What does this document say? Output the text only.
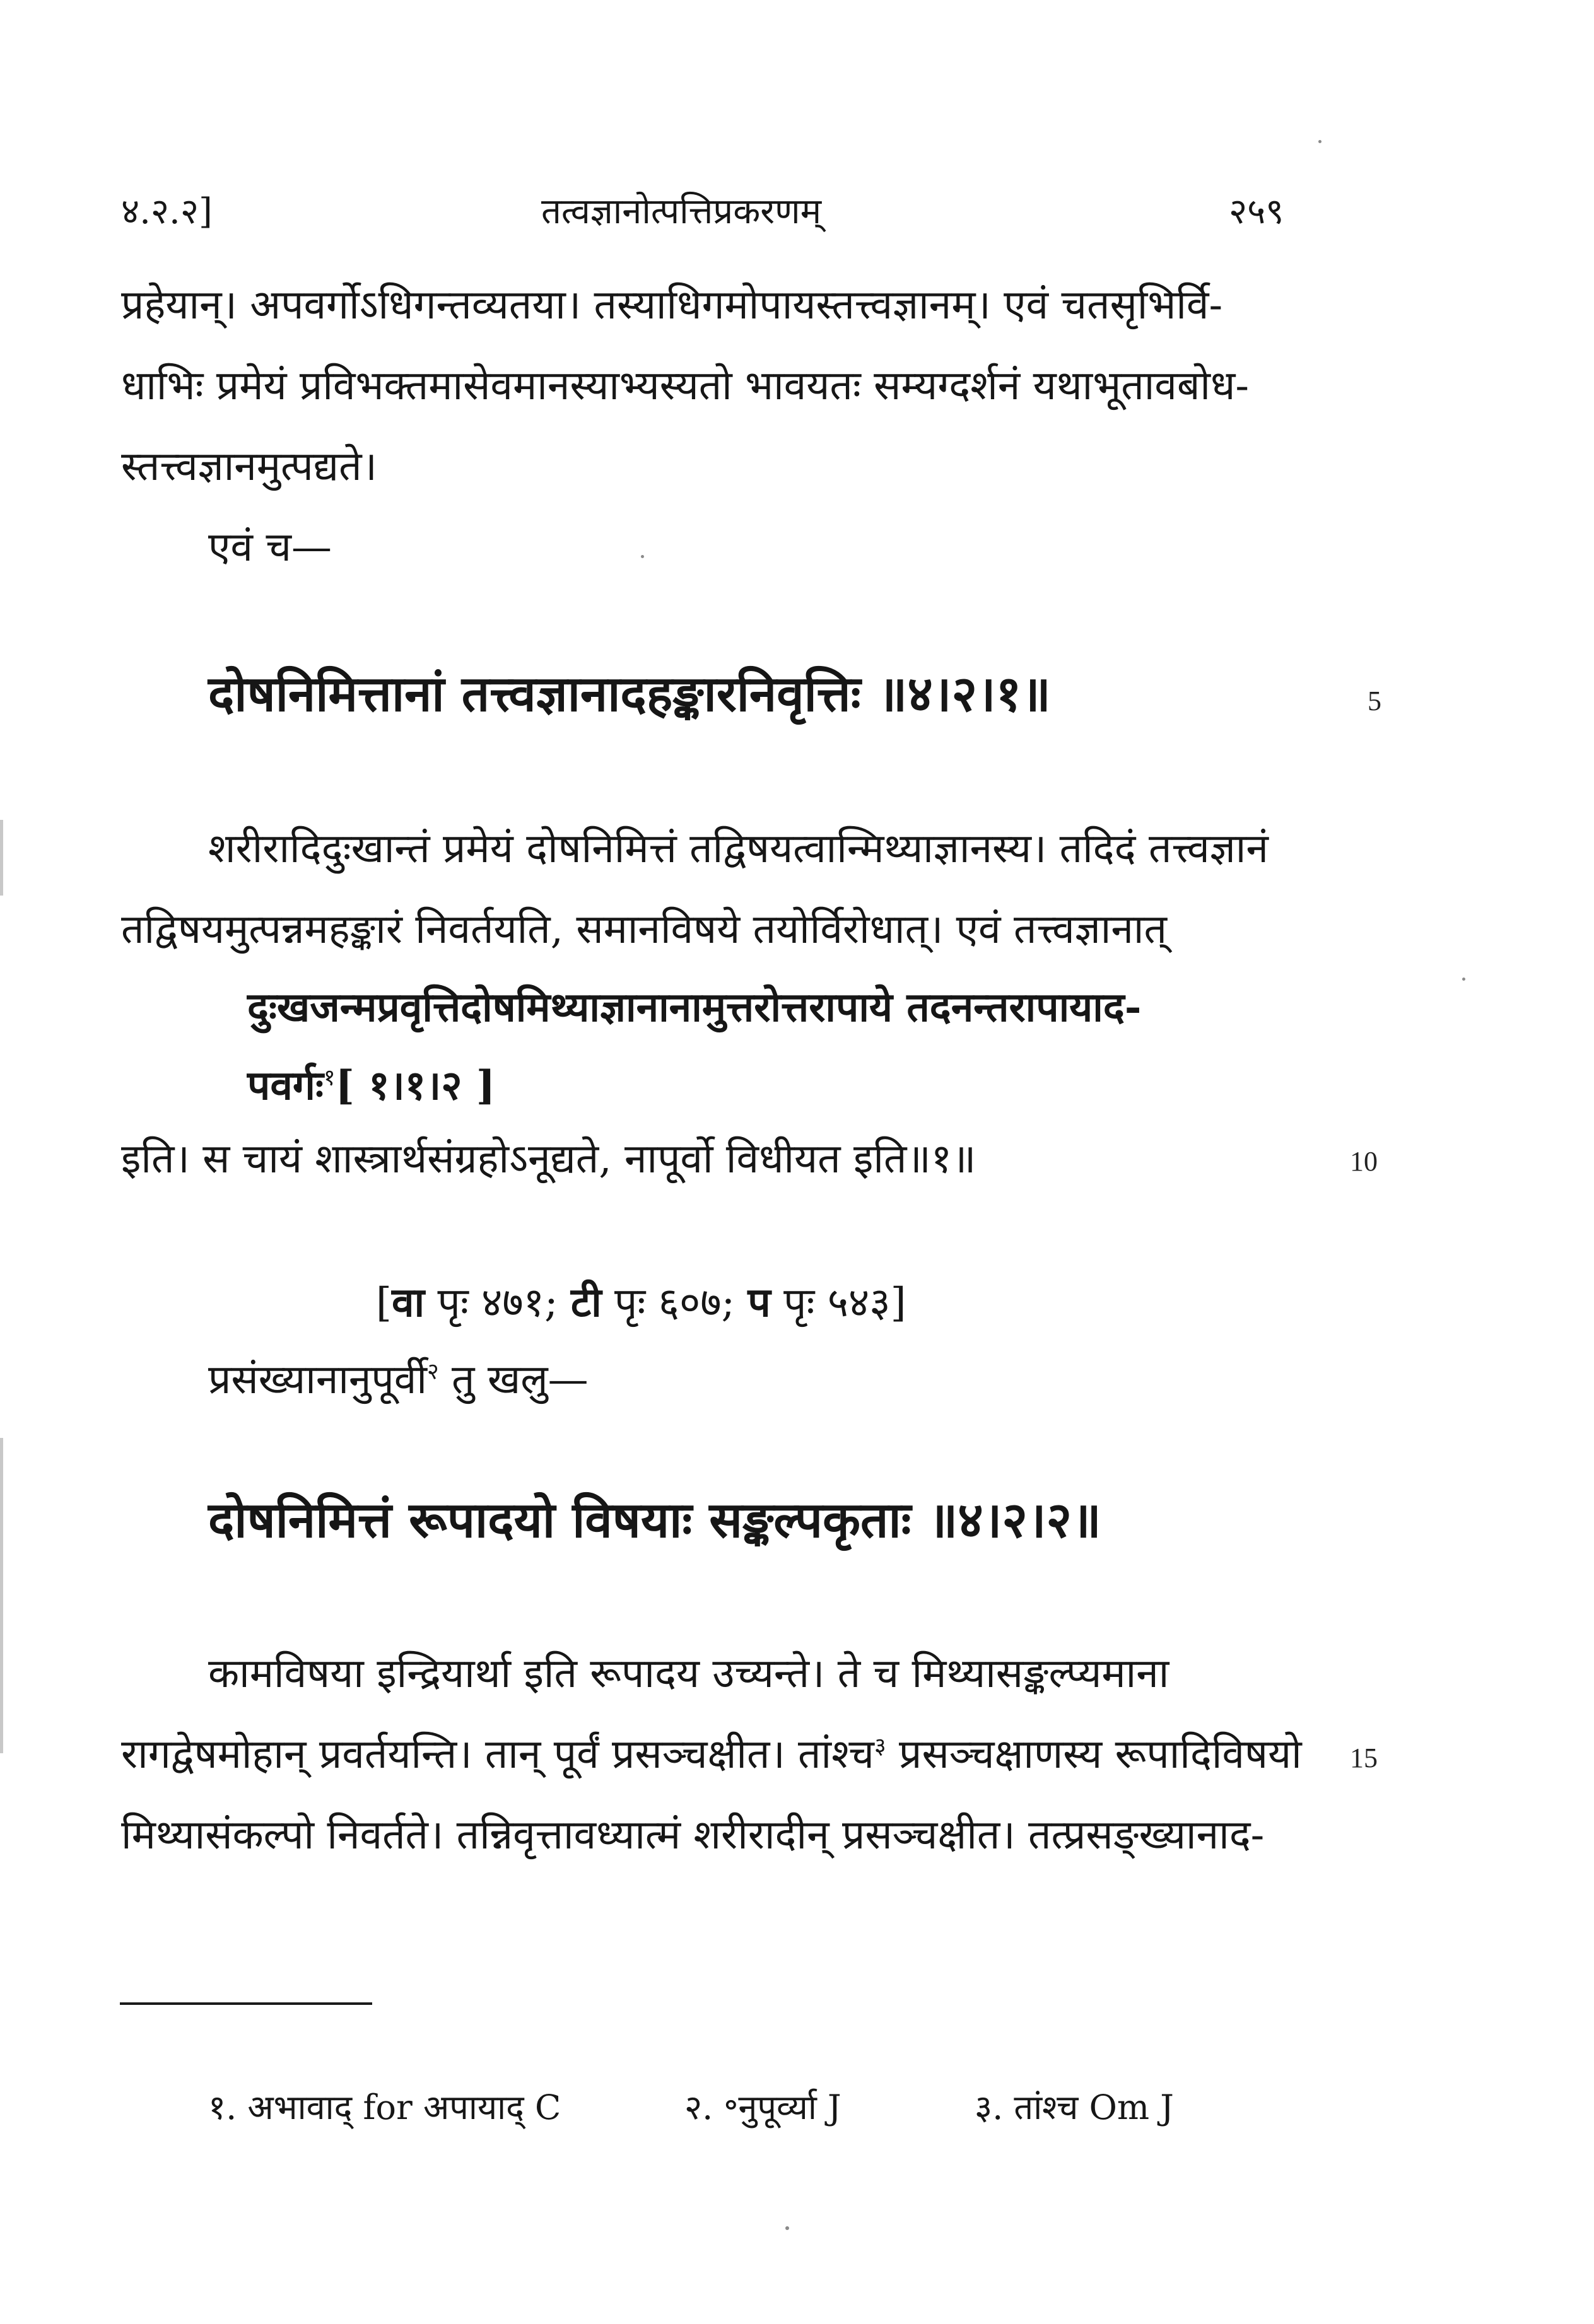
४.२.२]	तत्वज्ञानोत्पत्तिप्रकरणम्	२५९
प्रहेयान्। अपवर्गोऽधिगन्तव्यतया। तस्याधिगमोपायस्तत्त्वज्ञानम्। एवं चतसृभिर्वि-
धाभिः प्रमेयं प्रविभक्तमासेवमानस्याभ्यस्यतो भावयतः सम्यग्दर्शनं यथाभूतावबोध-
स्तत्त्वज्ञानमुत्पद्यते।
एवं च—
दोषनिमित्तानां तत्त्वज्ञानादहङ्कारनिवृत्तिः ॥४।२।१॥	5
शरीरादिदुःखान्तं प्रमेयं दोषनिमित्तं तद्विषयत्वान्मिथ्याज्ञानस्य। तदिदं तत्त्वज्ञानं
तद्विषयमुत्पन्नमहङ्कारं निवर्तयति, समानविषये तयोर्विरोधात्। एवं तत्त्वज्ञानात्
दुःखजन्मप्रवृत्तिदोषमिथ्याज्ञानानामुत्तरोत्तरापाये तदनन्तरापायाद-
पवर्गः$^१$[ १।१।२ ]
इति। स चायं शास्त्रार्थसंग्रहोऽनूद्यते, नापूर्वो विधीयत इति॥१॥	10
[वा पृः ४७१; टी पृः ६०७; प पृः ५४३]
प्रसंख्यानानुपूर्वी$^२$ तु खलु—
दोषनिमित्तं रूपादयो विषयाः सङ्कल्पकृताः ॥४।२।२॥
कामविषया इन्द्रियार्था इति रूपादय उच्यन्ते। ते च मिथ्यासङ्कल्प्यमाना
रागद्वेषमोहान् प्रवर्तयन्ति। तान् पूर्वं प्रसञ्चक्षीत। तांश्च$^३$ प्रसञ्चक्षाणस्य रूपादिविषयो 15
मिथ्यासंकल्पो निवर्तते। तन्निवृत्तावध्यात्मं शरीरादीन् प्रसञ्चक्षीत। तत्प्रसङ्ख्यानाद-
१. अभावाद् for अपायाद् C	२. ॰नुपूर्व्या J	३. तांश्च Om J
